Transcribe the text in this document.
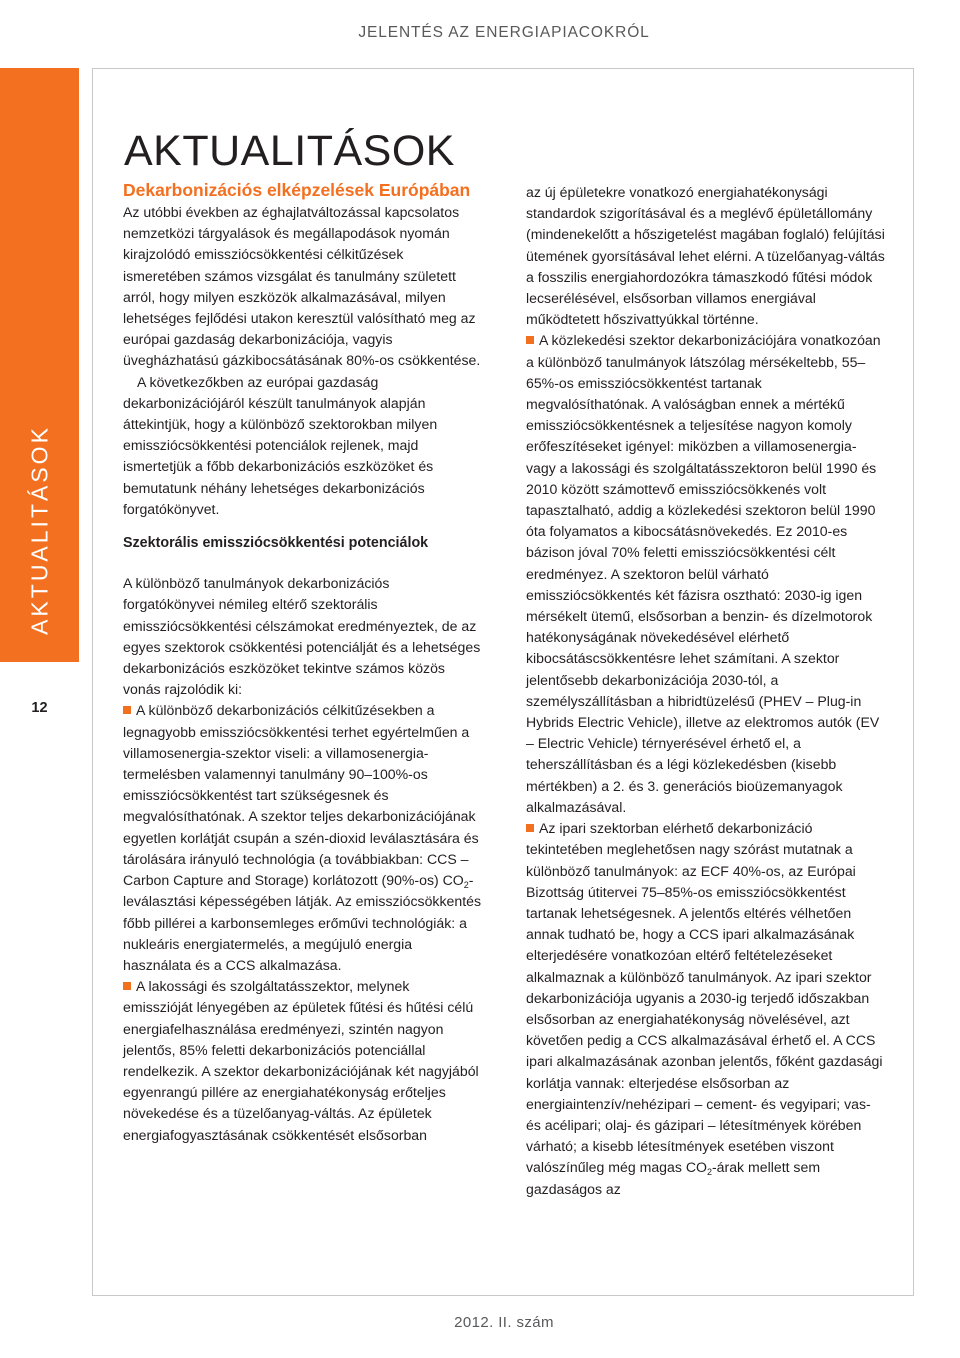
JELENTÉS AZ ENERGIAPIACOKRÓL
AKTUALITÁSOK
12
AKTUALITÁSOK

Dekarbonizációs elképzelések Európában

Az utóbbi években az éghajlatváltozással kapcsolatos nemzetközi tárgyalások és megállapodások nyomán kirajzolódó emissziócsökkentési célkitűzések ismeretében számos vizsgálat és tanulmány született arról, hogy milyen eszközök alkalmazásával, milyen lehetséges fejlődési utakon keresztül valósítható meg az európai gazdaság dekarbonizációja, vagyis üvegházhatású gázkibocsátásának 80%-os csökkentése.

A következőkben az európai gazdaság dekarbonizációjáról készült tanulmányok alapján áttekintjük, hogy a különböző szektorokban milyen emissziócsökkentési potenciálok rejlenek, majd ismertetjük a főbb dekarbonizációs eszközöket és bemutatunk néhány lehetséges dekarbonizációs forgatókönyvet.

Szektorális emissziócsökkentési potenciálok

A különböző tanulmányok dekarbonizációs forgatókönyvei némileg eltérő szektorális emissziócsökkentési célszámokat eredményeztek, de az egyes szektorok csökkentési potenciálját és a lehetséges dekarbonizációs eszközöket tekintve számos közös vonás rajzolódik ki:

A különböző dekarbonizációs célkitűzésekben a legnagyobb emissziócsökkentési terhet egyértelműen a villamosenergia-szektor viseli: a villamosenergia-termelésben valamennyi tanulmány 90–100%-os emissziócsökkentést tart szükségesnek és megvalósíthatónak. A szektor teljes dekarbonizációjának egyetlen korlátját csupán a szén-dioxid leválasztására és tárolására irányuló technológia (a továbbiakban: CCS – Carbon Capture and Storage) korlátozott (90%-os) $CO_2$-leválasztási képességében látják. Az emissziócsökkentés főbb pillérei a karbonsemleges erőművi technológiák: a nukleáris energiatermelés, a megújuló energia használata és a CCS alkalmazása.

A lakossági és szolgáltatásszektor, melynek emisszióját lényegében az épületek fűtési és hűtési célú energiafelhasználása eredményezi, szintén nagyon jelentős, 85% feletti dekarbonizációs potenciállal rendelkezik. A szektor dekarbonizációjának két nagyjából egyenrangú pillére az energiahatékonyság erőteljes növekedése és a tüzelőanyag-váltás. Az épületek energiafogyasztásának csökkentését elsősorban

az új épületekre vonatkozó energiahatékonysági standardok szigorításával és a meglévő épületállomány (mindenekelőtt a hőszigetelést magában foglaló) felújítási ütemének gyorsításával lehet elérni. A tüzelőanyag-váltás a fosszilis energiahordozókra támaszkodó fűtési módok lecserélésével, elsősorban villamos energiával működtetett hőszivattyúkkal történne.

A közlekedési szektor dekarbonizációjára vonatkozóan a különböző tanulmányok látszólag mérsékeltebb, 55–65%-os emissziócsökkentést tartanak megvalósíthatónak. A valóságban ennek a mértékű emissziócsökkentésnek a teljesítése nagyon komoly erőfeszítéseket igényel: miközben a villamosenergia- vagy a lakossági és szolgáltatásszektoron belül 1990 és 2010 között számottevő emissziócsökkenés volt tapasztalható, addig a közlekedési szektoron belül 1990 óta folyamatos a kibocsátásnövekedés. Ez 2010-es bázison jóval 70% feletti emissziócsökkentési célt eredményez. A szektoron belül várható emissziócsökkentés két fázisra osztható: 2030-ig igen mérsékelt ütemű, elsősorban a benzin- és dízelmotorok hatékonyságának növekedésével elérhető kibocsátáscsökkentésre lehet számítani. A szektor jelentősebb dekarbonizációja 2030-tól, a személyszállításban a hibridtüzelésű (PHEV – Plug-in Hybrids Electric Vehicle), illetve az elektromos autók (EV – Electric Vehicle) térnyerésével érhető el, a teherszállításban és a légi közlekedésben (kisebb mértékben) a 2. és 3. generációs bioüzemanyagok alkalmazásával.

Az ipari szektorban elérhető dekarbonizáció tekintetében meglehetősen nagy szórást mutatnak a különböző tanulmányok: az ECF 40%-os, az Európai Bizottság útitervei 75–85%-os emissziócsökkentést tartanak lehetségesnek. A jelentős eltérés vélhetően annak tudható be, hogy a CCS ipari alkalmazásának elterjedésére vonatkozóan eltérő feltételezéseket alkalmaznak a különböző tanulmányok. Az ipari szektor dekarbonizációja ugyanis a 2030-ig terjedő időszakban elsősorban az energiahatékonyság növelésével, azt követően pedig a CCS alkalmazásával érhető el. A CCS ipari alkalmazásának azonban jelentős, főként gazdasági korlátja vannak: elterjedése elsősorban az energiaintenzív/nehézipari – cement- és vegyipari; vas- és acélipari; olaj- és gázipari – létesítmények körében várható; a kisebb létesítmények esetében viszont valószínűleg még magas $CO_2$-árak mellett sem gazdaságos az

2012. II. szám
